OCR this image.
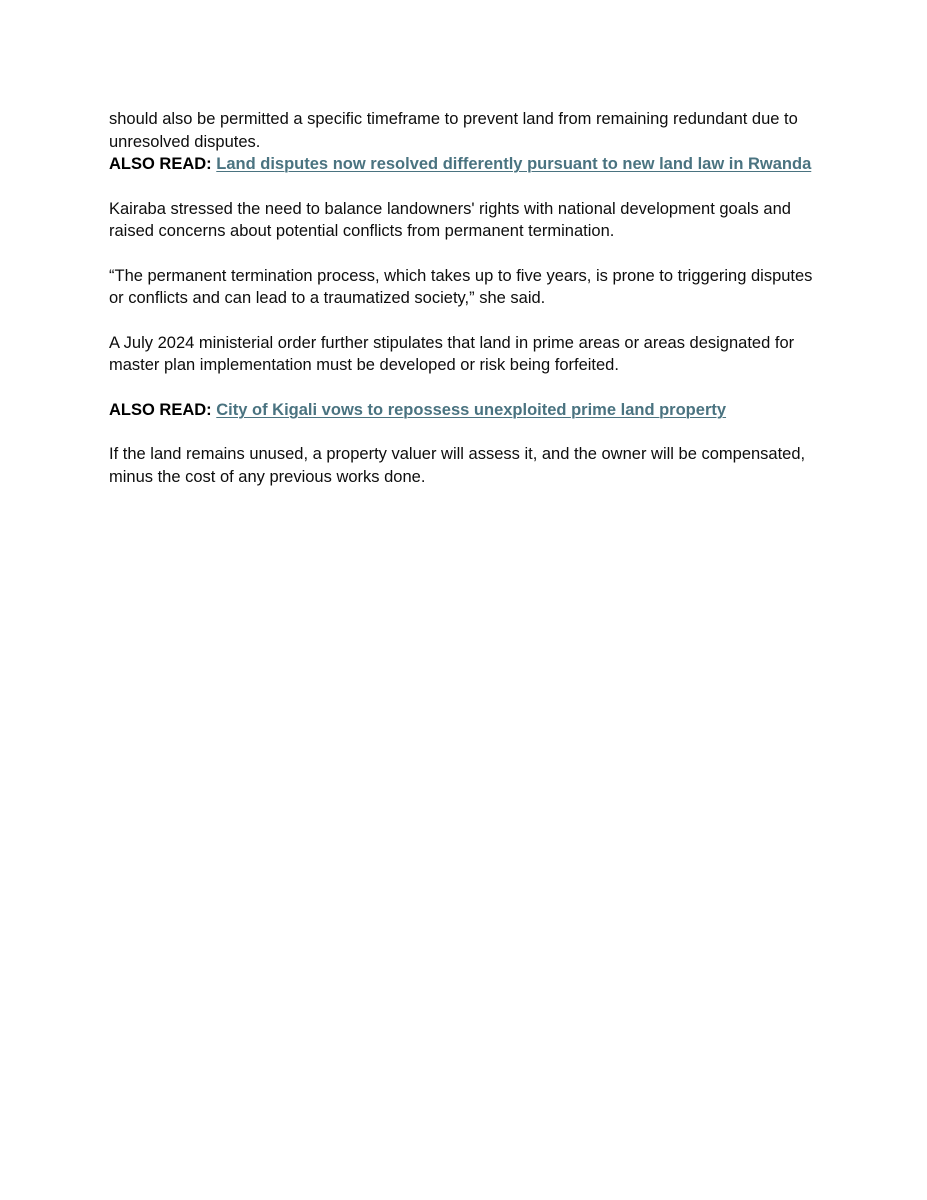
should also be permitted a specific timeframe to prevent land from remaining redundant due to unresolved disputes.

ALSO READ: Land disputes now resolved differently pursuant to new land law in Rwanda

Kairaba stressed the need to balance landowners' rights with national development goals and raised concerns about potential conflicts from permanent termination.

“The permanent termination process, which takes up to five years, is prone to triggering disputes or conflicts and can lead to a traumatized society,” she said.

A July 2024 ministerial order further stipulates that land in prime areas or areas designated for master plan implementation must be developed or risk being forfeited.

ALSO READ: City of Kigali vows to repossess unexploited prime land property

If the land remains unused, a property valuer will assess it, and the owner will be compensated, minus the cost of any previous works done.
